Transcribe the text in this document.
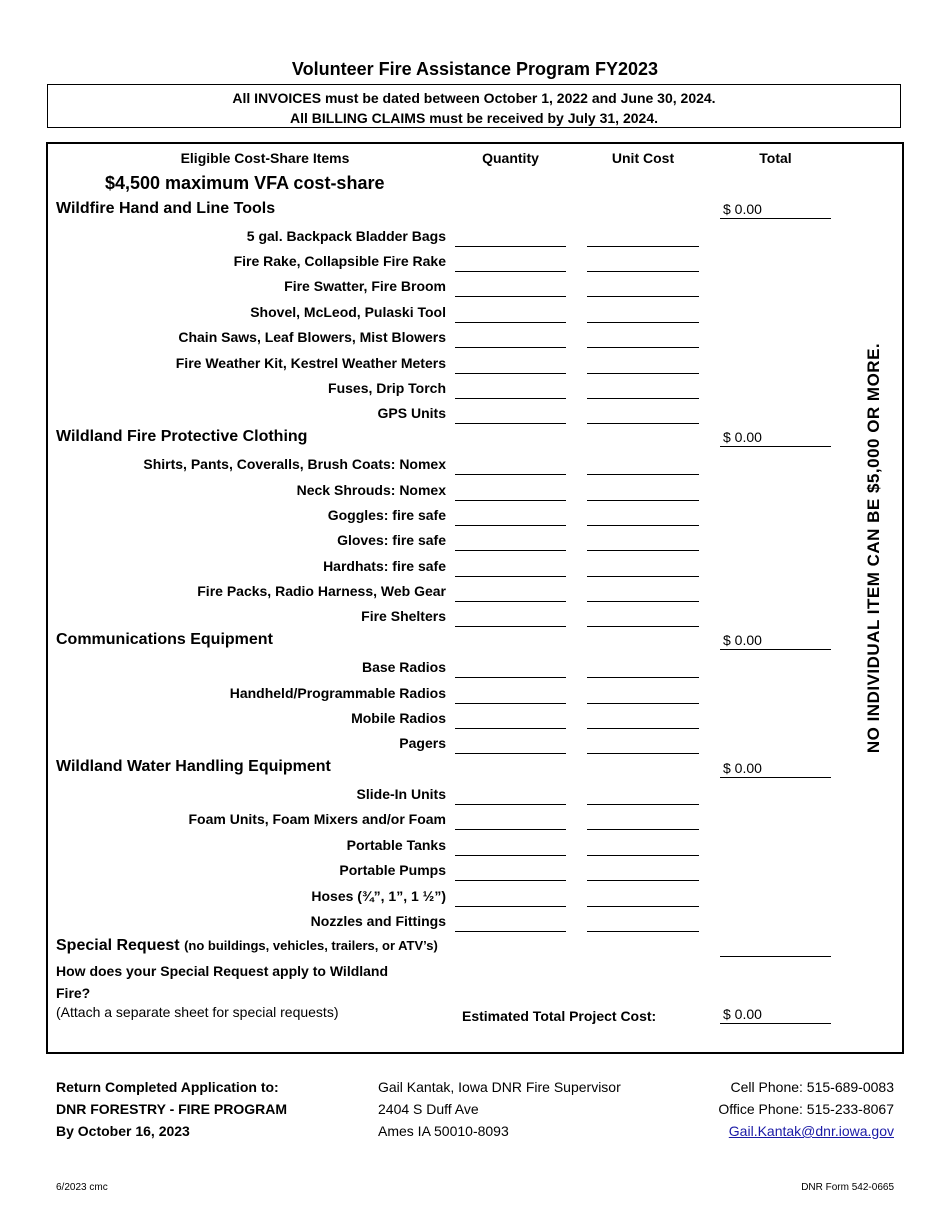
Volunteer Fire Assistance Program FY2023
All INVOICES must be dated between October 1, 2022 and June 30, 2024.
All BILLING CLAIMS must be received by July 31, 2024.
Eligible Cost-Share Items	Quantity	Unit Cost	Total
$4,500 maximum VFA cost-share
Wildfire Hand and Line Tools	$ 0.00
5 gal. Backpack Bladder Bags
Fire Rake, Collapsible Fire Rake
Fire Swatter, Fire Broom
Shovel, McLeod, Pulaski Tool
Chain Saws, Leaf Blowers, Mist Blowers
Fire Weather Kit, Kestrel Weather Meters
Fuses, Drip Torch
GPS Units
Wildland Fire Protective Clothing	$ 0.00
Shirts, Pants, Coveralls, Brush Coats: Nomex
Neck Shrouds: Nomex
Goggles: fire safe
Gloves: fire safe
Hardhats: fire safe
Fire Packs, Radio Harness, Web Gear
Fire Shelters
Communications Equipment	$ 0.00
Base Radios
Handheld/Programmable Radios
Mobile Radios
Pagers
Wildland Water Handling Equipment	$ 0.00
Slide-In Units
Foam Units, Foam Mixers and/or Foam
Portable Tanks
Portable Pumps
Hoses (¾”, 1”, 1 ½”)
Nozzles and Fittings
Special Request (no buildings, vehicles, trailers, or ATV’s)
How does your Special Request apply to Wildland Fire?
(Attach a separate sheet for special requests)	Estimated Total Project Cost:	$ 0.00
NO INDIVIDUAL ITEM CAN BE $5,000 OR MORE.
Return Completed Application to:
DNR FORESTRY - FIRE PROGRAM
By October 16, 2023
Gail Kantak, Iowa DNR Fire Supervisor
2404 S Duff Ave
Ames IA 50010-8093
Cell Phone: 515-689-0083
Office Phone: 515-233-8067
Gail.Kantak@dnr.iowa.gov
6/2023 cmc	DNR Form 542-0665
